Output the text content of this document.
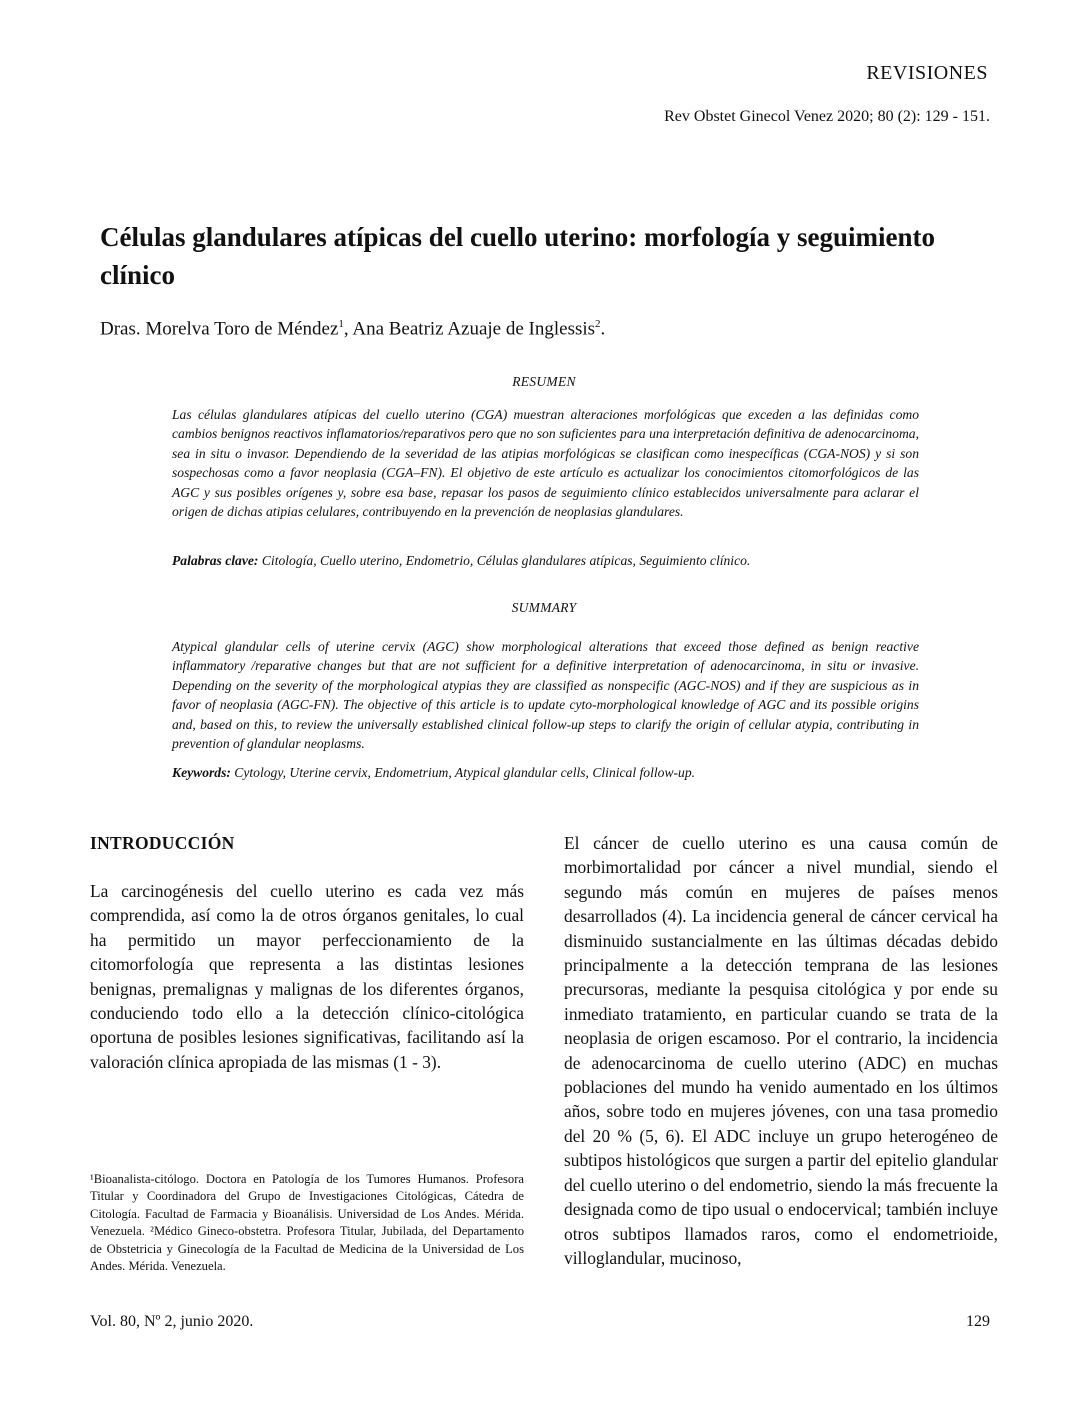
REVISIONES
Rev Obstet Ginecol Venez 2020; 80 (2): 129 - 151.
Células glandulares atípicas del cuello uterino: morfología y seguimiento clínico
Dras. Morelva Toro de Méndez$^1$, Ana Beatriz Azuaje de Inglessis$^2$.
RESUMEN

Las células glandulares atípicas del cuello uterino (CGA) muestran alteraciones morfológicas que exceden a las definidas como cambios benignos reactivos inflamatorios/reparativos pero que no son suficientes para una interpretación definitiva de adenocarcinoma, sea in situ o invasor. Dependiendo de la severidad de las atipias morfológicas se clasifican como inespecíficas (CGA-NOS) y si son sospechosas como a favor neoplasia (CGA–FN). El objetivo de este artículo es actualizar los conocimientos citomorfológicos de las AGC y sus posibles orígenes y, sobre esa base, repasar los pasos de seguimiento clínico establecidos universalmente para aclarar el origen de dichas atipias celulares, contribuyendo en la prevención de neoplasias glandulares.

Palabras clave: Citología, Cuello uterino, Endometrio, Células glandulares atípicas, Seguimiento clínico.
SUMMARY

Atypical glandular cells of uterine cervix (AGC) show morphological alterations that exceed those defined as benign reactive inflammatory /reparative changes but that are not sufficient for a definitive interpretation of adenocarcinoma, in situ or invasive. Depending on the severity of the morphological atypias they are classified as nonspecific (AGC-NOS) and if they are suspicious as in favor of neoplasia (AGC-FN). The objective of this article is to update cyto-morphological knowledge of AGC and its possible origins and, based on this, to review the universally established clinical follow-up steps to clarify the origin of cellular atypia, contributing in prevention of glandular neoplasms.

Keywords: Cytology, Uterine cervix, Endometrium, Atypical glandular cells, Clinical follow-up.
INTRODUCCIÓN

La carcinogénesis del cuello uterino es cada vez más comprendida, así como la de otros órganos genitales, lo cual ha permitido un mayor perfeccionamiento de la citomorfología que representa a las distintas lesiones benignas, premalignas y malignas de los diferentes órganos, conduciendo todo ello a la detección clínico-citológica oportuna de posibles lesiones significativas, facilitando así la valoración clínica apropiada de las mismas (1 - 3).

El cáncer de cuello uterino es una causa común de morbimortalidad por cáncer a nivel mundial, siendo el segundo más común en mujeres de países menos desarrollados (4). La incidencia general de cáncer cervical ha disminuido sustancialmente en las últimas décadas debido principalmente a la detección temprana de las lesiones precursoras, mediante la pesquisa citológica y por ende su inmediato tratamiento, en particular cuando se trata de la neoplasia de origen escamoso. Por el contrario, la incidencia de adenocarcinoma de cuello uterino (ADC) en muchas poblaciones del mundo ha venido aumentado en los últimos años, sobre todo en mujeres jóvenes, con una tasa promedio del 20 % (5, 6). El ADC incluye un grupo heterogéneo de subtipos histológicos que surgen a partir del epitelio glandular del cuello uterino o del endometrio, siendo la más frecuente la designada como de tipo usual o endocervical; también incluye otros subtipos llamados raros, como el endometrioide, villoglandular, mucinoso,

¹Bioanalista-citólogo. Doctora en Patología de los Tumores Humanos. Profesora Titular y Coordinadora del Grupo de Investigaciones Citológicas, Cátedra de Citología. Facultad de Farmacia y Bioanálisis. Universidad de Los Andes. Mérida. Venezuela. ²Médico Gineco-obstetra. Profesora Titular, Jubilada, del Departamento de Obstetricia y Ginecología de la Facultad de Medicina de la Universidad de Los Andes. Mérida. Venezuela.

Vol. 80, Nº 2, junio 2020.	129
